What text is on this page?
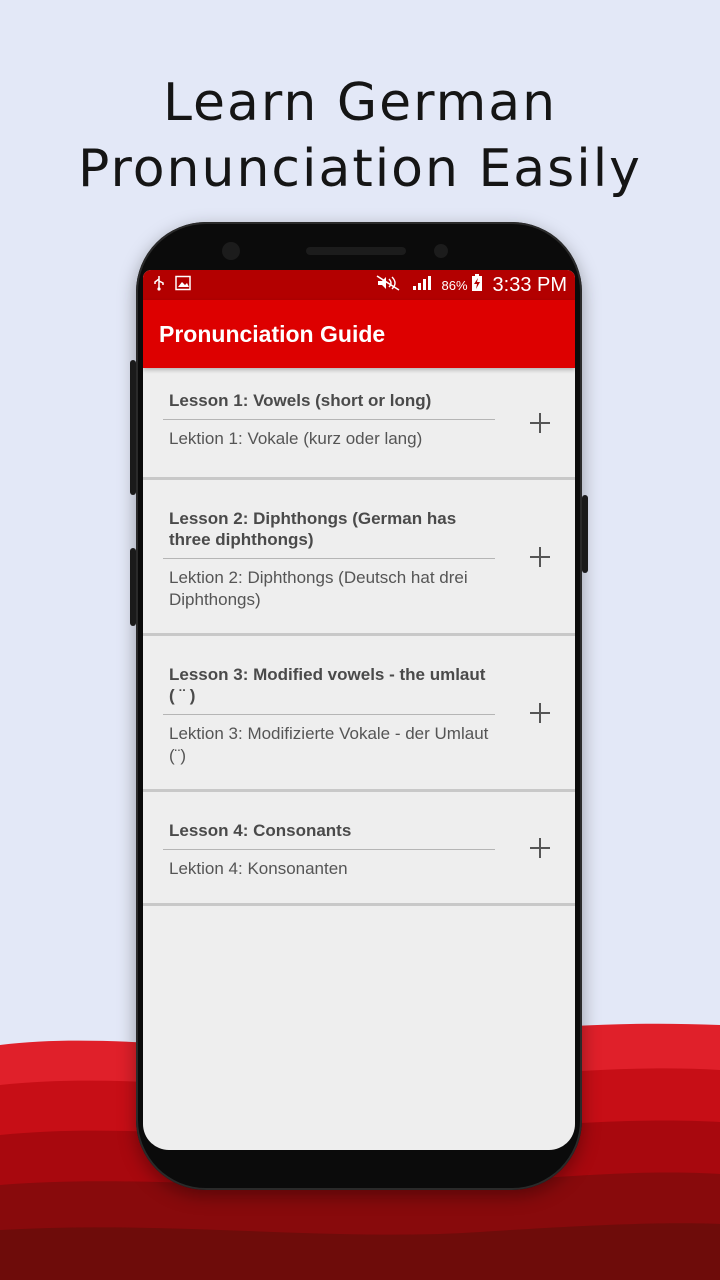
Learn German
Pronunciation Easily
86% 3:33 PM
Pronunciation Guide
Lesson 1: Vowels (short or long)
Lektion 1: Vokale (kurz oder lang)
Lesson 2: Diphthongs (German has three diphthongs)
Lektion 2: Diphthongs (Deutsch hat drei Diphthongs)
Lesson 3: Modified vowels - the umlaut ( ¨ )
Lektion 3: Modifizierte Vokale - der Umlaut (¨)
Lesson 4: Consonants
Lektion 4: Konsonanten
